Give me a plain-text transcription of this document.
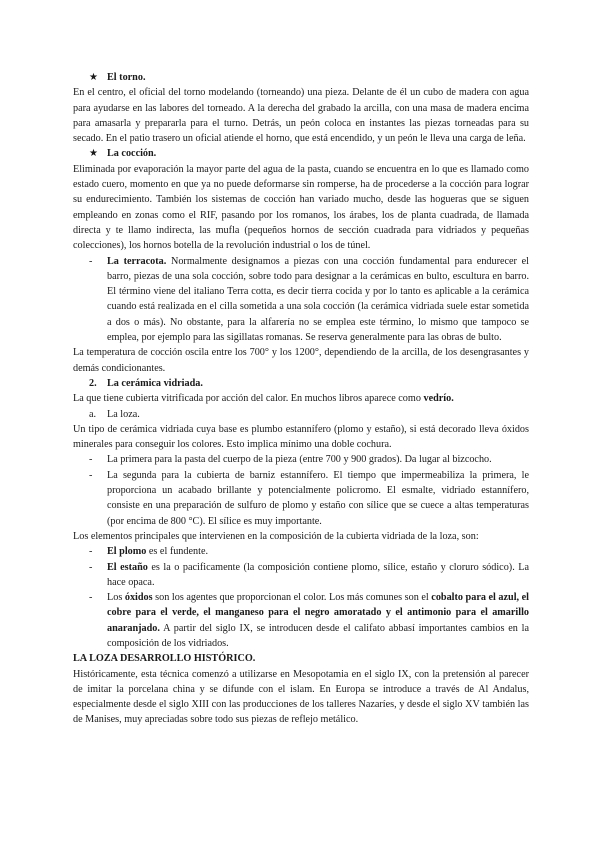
★ El torno.

En el centro, el oficial del torno modelando (torneando) una pieza. Delante de él un cubo de madera con agua para ayudarse en las labores del torneado. A la derecha del grabado la arcilla, con una masa de madera encima para amasarla y prepararla para el turno. Detrás, un peón coloca en instantes las piezas torneadas para su secado. En el patio trasero un oficial atiende el horno, que está encendido, y un peón le lleva una carga de leña.

★ La cocción.

Eliminada por evaporación la mayor parte del agua de la pasta, cuando se encuentra en lo que es llamado como estado cuero, momento en que ya no puede deformarse sin romperse, ha de procederse a la cocción para lograr su endurecimiento. También los sistemas de cocción han variado mucho, desde las hogueras que se siguen empleando en zonas como el RIF, pasando por los romanos, los árabes, los de planta cuadrada, de llamada directa y te llamo indirecta, las mufla (pequeños hornos de sección cuadrada para vidriados y pequeñas colecciones), los hornos botella de la revolución industrial o los de túnel.

-	La terracota. Normalmente designamos a piezas con una cocción fundamental para endurecer el barro, piezas de una sola cocción, sobre todo para designar a la cerámicas en bulto, escultura en barro. El término viene del italiano Terra cotta, es decir tierra cocida y por lo tanto es aplicable a la cerámica cuando está realizada en el cilla sometida a una sola cocción (la cerámica vidriada suele estar sometida a dos o más). No obstante, para la alfarería no se emplea este término, lo mismo que tampoco se emplea, por ejemplo para las sigillatas romanas. Se reserva generalmente para las obras de bulto.

La temperatura de cocción oscila entre los 700° y los 1200°, dependiendo de la arcilla, de los desengrasantes y demás condicionantes.

2.	La cerámica vidriada.

La que tiene cubierta vitrificada por acción del calor. En muchos libros aparece como vedrío.

a.	La loza.

Un tipo de cerámica vidriada cuya base es plumbo estannífero (plomo y estaño), si está decorado lleva óxidos minerales para conseguir los colores. Esto implica mínimo una doble cochura.

-	La primera para la pasta del cuerpo de la pieza (entre 700 y 900 grados). Da lugar al bizcocho.
-	La segunda para la cubierta de barniz estannífero. El tiempo que impermeabiliza la primera, le proporciona un acabado brillante y potencialmente policromo. El esmalte, vidriado estannífero, consiste en una preparación de sulfuro de plomo y estaño con sílice que se cuece a altas temperaturas (por encima de 800 °C). El sílice es muy importante.

Los elementos principales que intervienen en la composición de la cubierta vidriada de la loza, son:

-	El plomo es el fundente.
-	El estaño es la o pacificamente (la composición contiene plomo, sílice, estaño y cloruro sódico). La hace opaca.
-	Los óxidos son los agentes que proporcionan el color. Los más comunes son el cobalto para el azul, el cobre para el verde, el manganeso para el negro amoratado y el antimonio para el amarillo anaranjado. A partir del siglo IX, se introducen desde el califato abbasí importantes cambios en la composición de los vidriados.

LA LOZA DESARROLLO HISTÓRICO.

Históricamente, esta técnica comenzó a utilizarse en Mesopotamia en el siglo IX, con la pretensión al parecer de imitar la porcelana china y se difunde con el islam. En Europa se introduce a través de Al Andalus, especialmente desde el siglo XIII con las producciones de los talleres Nazaríes, y desde el siglo XV también las de Manises, muy apreciadas sobre todo sus piezas de reflejo metálico.
